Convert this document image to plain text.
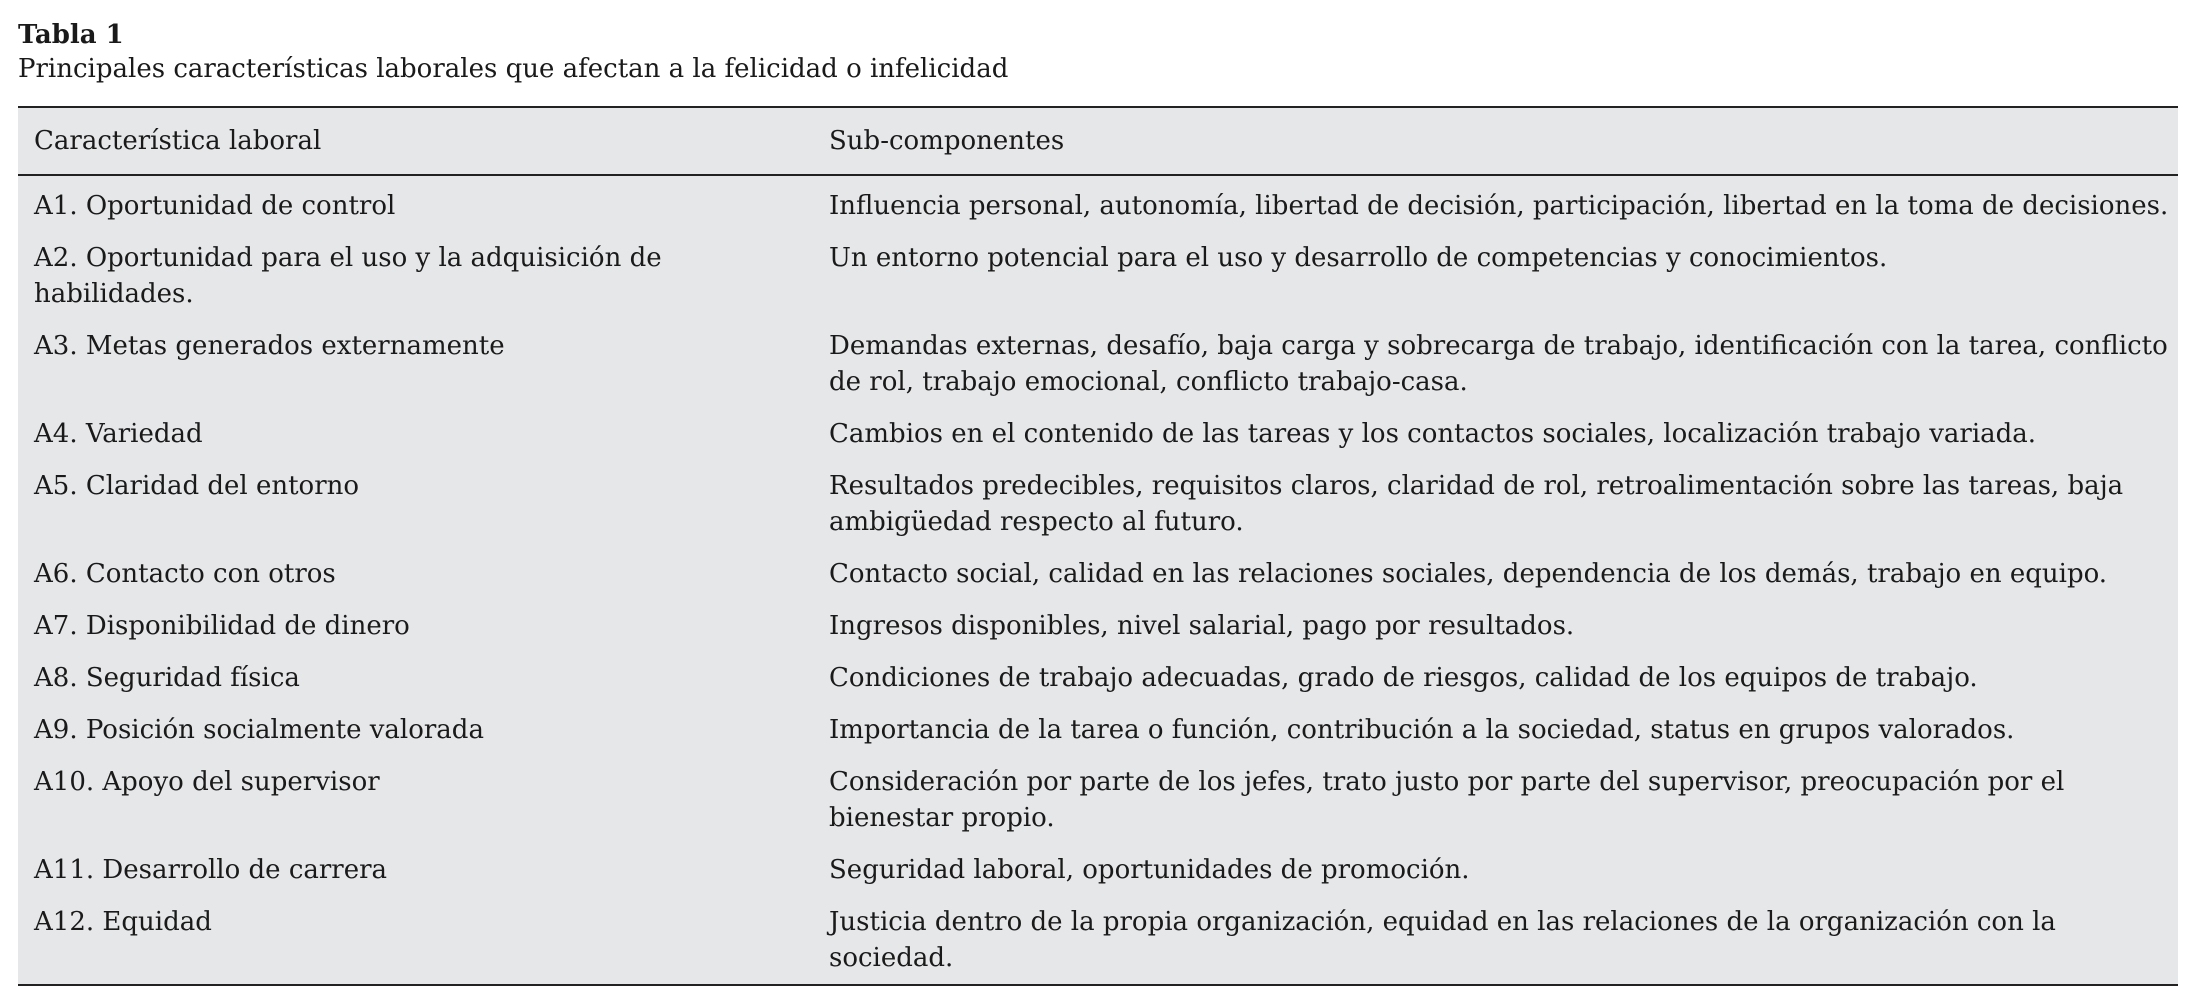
Tabla 1

Principales características laborales que afectan a la felicidad o infelicidad

Característica laboral	Sub-componentes
A1. Oportunidad de control	Influencia personal, autonomía, libertad de decisión, participación, libertad en la toma de decisiones.
A2. Oportunidad para el uso y la adquisición de habilidades.	Un entorno potencial para el uso y desarrollo de competencias y conocimientos.
A3. Metas generados externamente	Demandas externas, desafío, baja carga y sobrecarga de trabajo, identificación con la tarea, conflicto de rol, trabajo emocional, conflicto trabajo-casa.
A4. Variedad	Cambios en el contenido de las tareas y los contactos sociales, localización trabajo variada.
A5. Claridad del entorno	Resultados predecibles, requisitos claros, claridad de rol, retroalimentación sobre las tareas, baja ambigüedad respecto al futuro.
A6. Contacto con otros	Contacto social, calidad en las relaciones sociales, dependencia de los demás, trabajo en equipo.
A7. Disponibilidad de dinero	Ingresos disponibles, nivel salarial, pago por resultados.
A8. Seguridad física	Condiciones de trabajo adecuadas, grado de riesgos, calidad de los equipos de trabajo.
A9. Posición socialmente valorada	Importancia de la tarea o función, contribución a la sociedad, status en grupos valorados.
A10. Apoyo del supervisor	Consideración por parte de los jefes, trato justo por parte del supervisor, preocupación por el bienestar propio.
A11. Desarrollo de carrera	Seguridad laboral, oportunidades de promoción.
A12. Equidad	Justicia dentro de la propia organización, equidad en las relaciones de la organización con la sociedad.
